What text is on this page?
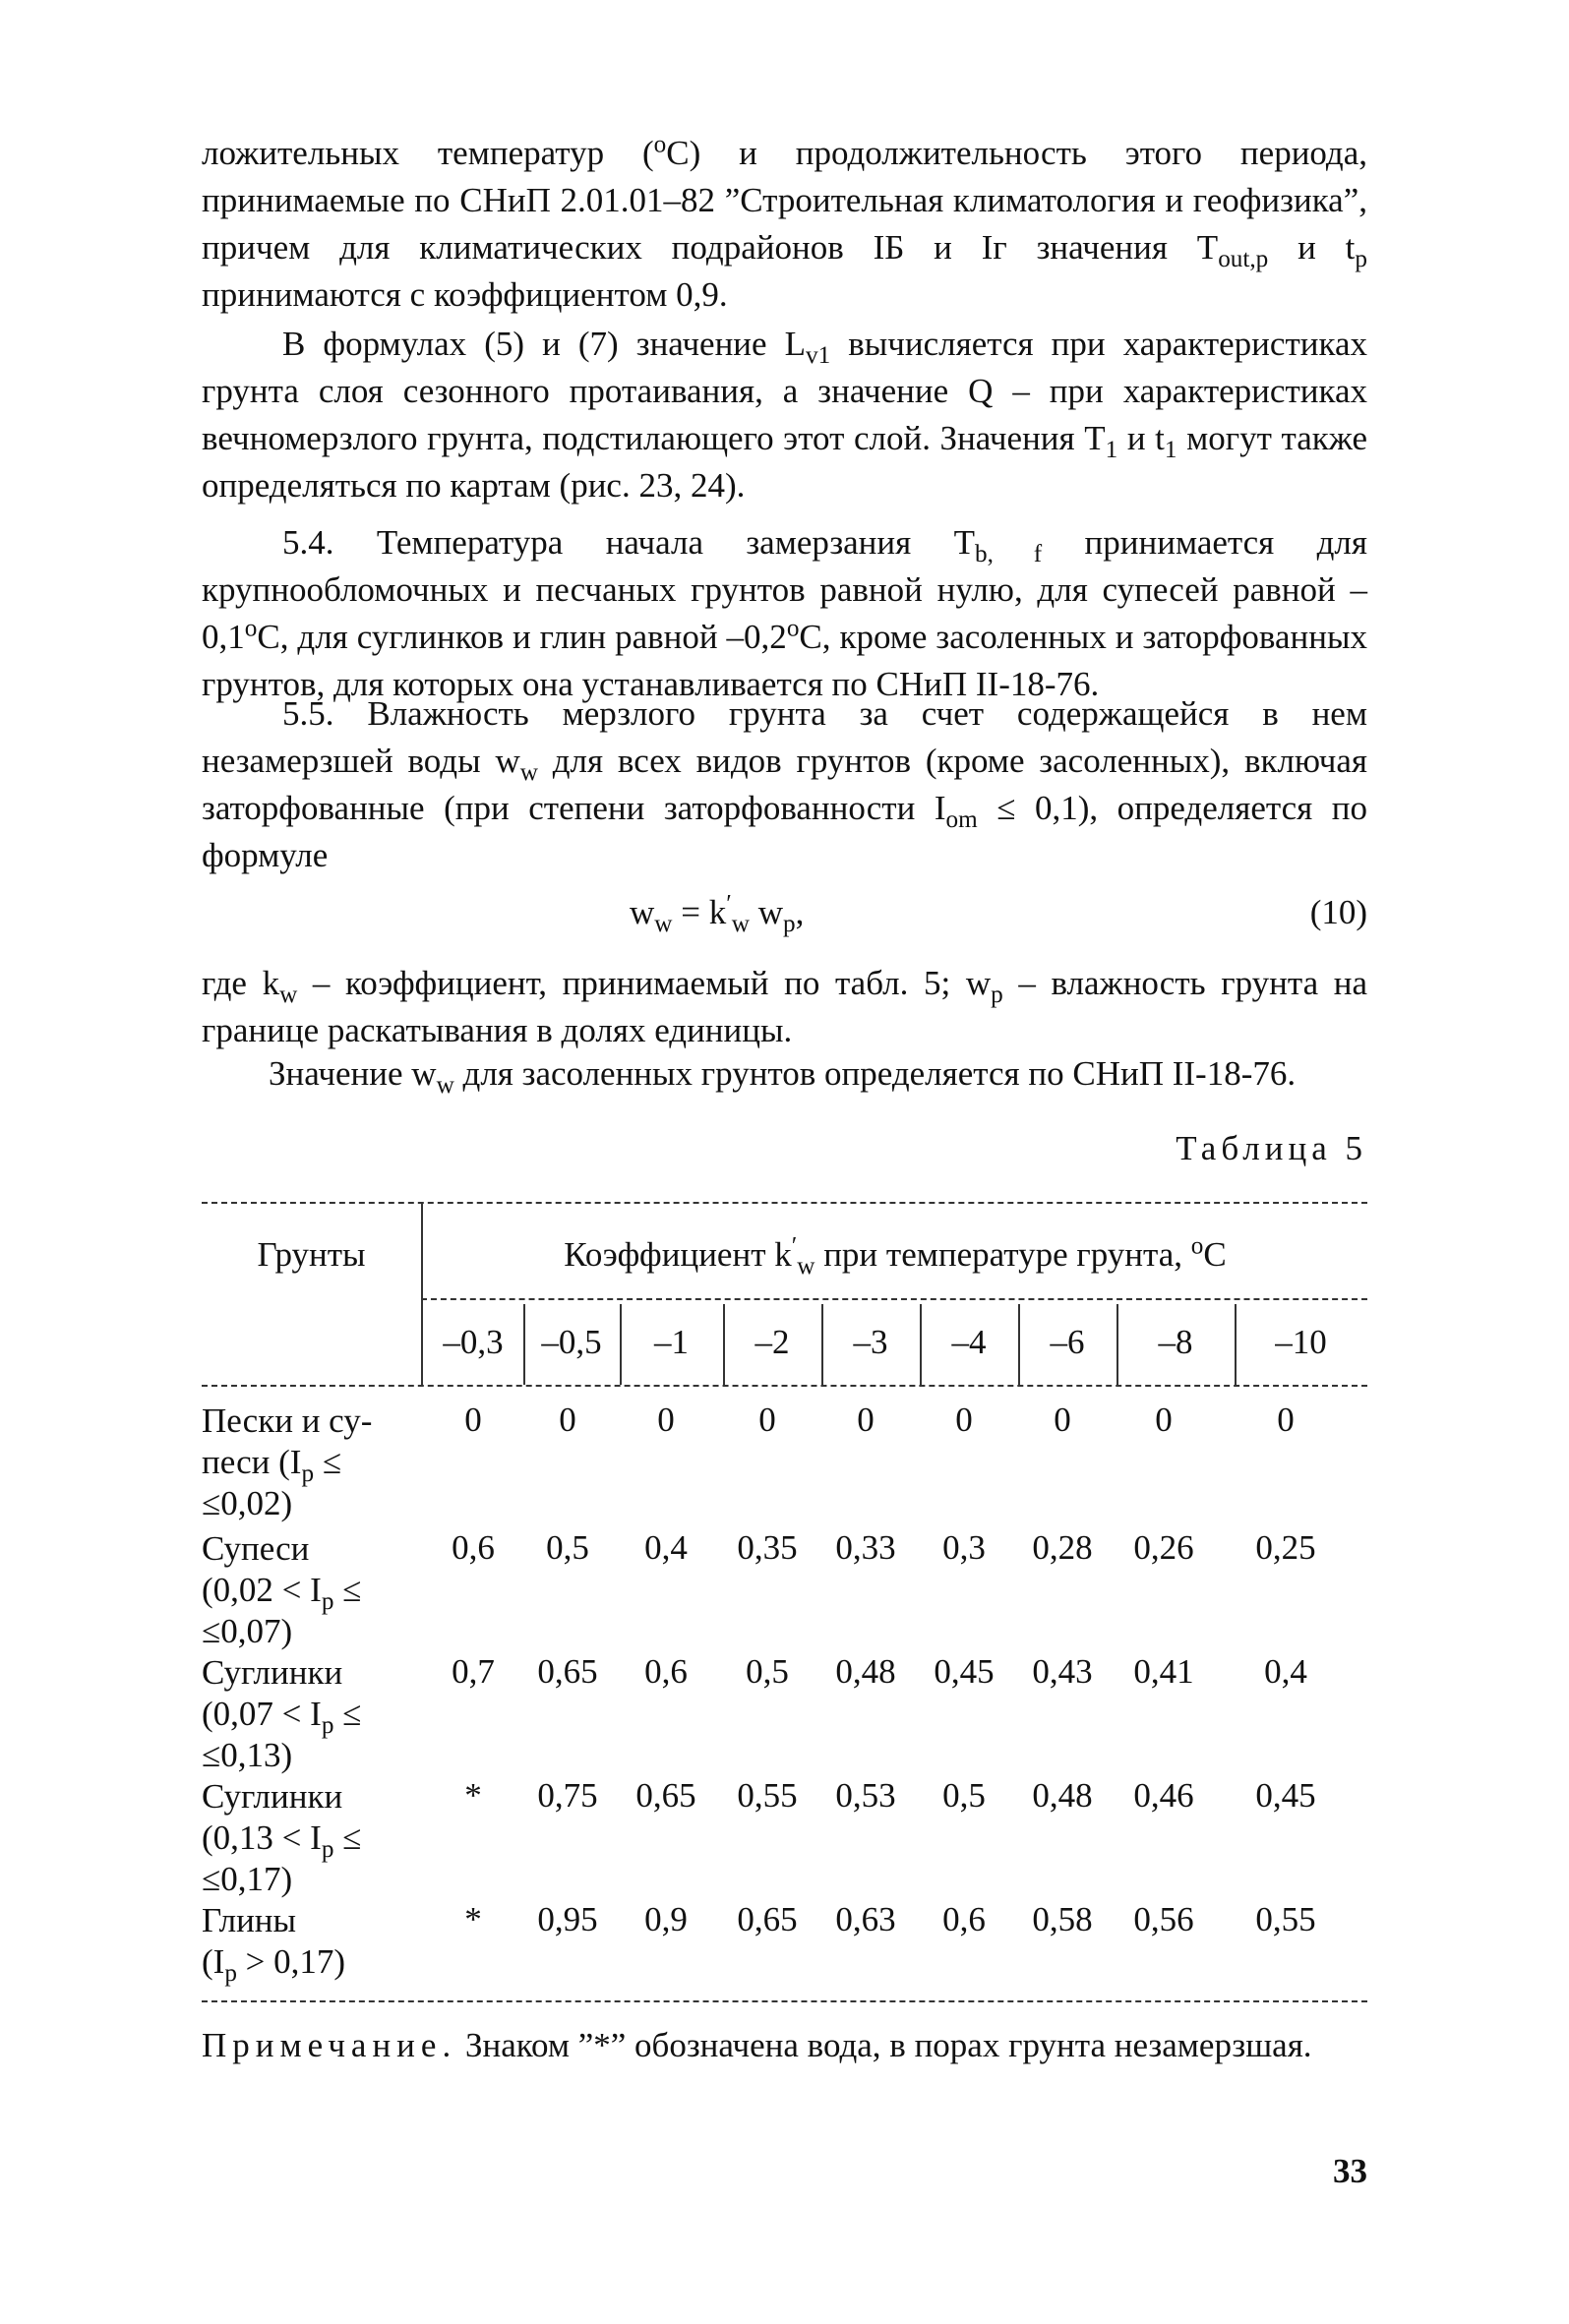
ложительных температур ($^o$С) и продолжительность этого периода, принимаемые по СНиП 2.01.01–82 ”Строительная климатология и геофизика”, причем для климатических подрайонов IБ и Iг значения $T_{out,p}$ и $t_p$ принимаются с коэффициентом 0,9.

В формулах (5) и (7) значение $L_{v1}$ вычисляется при характеристиках грунта слоя сезонного протаивания, а значение Q – при характеристиках вечномерзлого грунта, подстилающего этот слой. Значения $T_1$ и $t_1$ могут также определяться по картам (рис. 23, 24).

5.4. Температура начала замерзания $T_{b, f}$ принимается для крупнообломочных и песчаных грунтов равной нулю, для супесей равной –0,1$^o$С, для суглинков и глин равной –0,2$^o$С, кроме засоленных и заторфованных грунтов, для которых она устанавливается по СНиП II-18-76.

5.5. Влажность мерзлого грунта за счет содержащейся в нем незамерзшей воды $w_w$ для всех видов грунтов (кроме засоленных), включая заторфованные (при степени заторфованности $I_{om} \le 0,1$), определяется по формуле

$w_w = k'_w$ $w_p$,	(10)

где $k_w$ – коэффициент, принимаемый по табл. 5; $w_p$ – влажность грунта на границе раскатывания в долях единицы.

Значение $w_w$ для засоленных грунтов определяется по СНиП II-18-76.

Таблица 5
Грунты	Коэффициент $k'_w$ при температуре грунта, $^o$С
–0,3	–0,5	–1	–2	–3	–4	–6	–8	–10
Пески и су-
песи ($I_p$ ≤
≤0,02)
0	0	0	0	0	0	0	0	0
Супеси
($0,02 < I_p$ ≤
≤0,07)
0,6	0,5	0,4	0,35	0,33	0,3	0,28	0,26	0,25
Суглинки
($0,07 < I_p$ ≤
≤0,13)
0,7	0,65	0,6	0,5	0,48	0,45	0,43	0,41	0,4
Суглинки
($0,13 < I_p$ ≤
≤0,17)
*	0,75	0,65	0,55	0,53	0,5	0,48	0,46	0,45
Глины
$(I_p > 0,17)$
*	0,95	0,9	0,65	0,63	0,6	0,58	0,56	0,55
Примечание. Знаком ”*” обозначена вода, в порах грунта незамерзшая.
33
